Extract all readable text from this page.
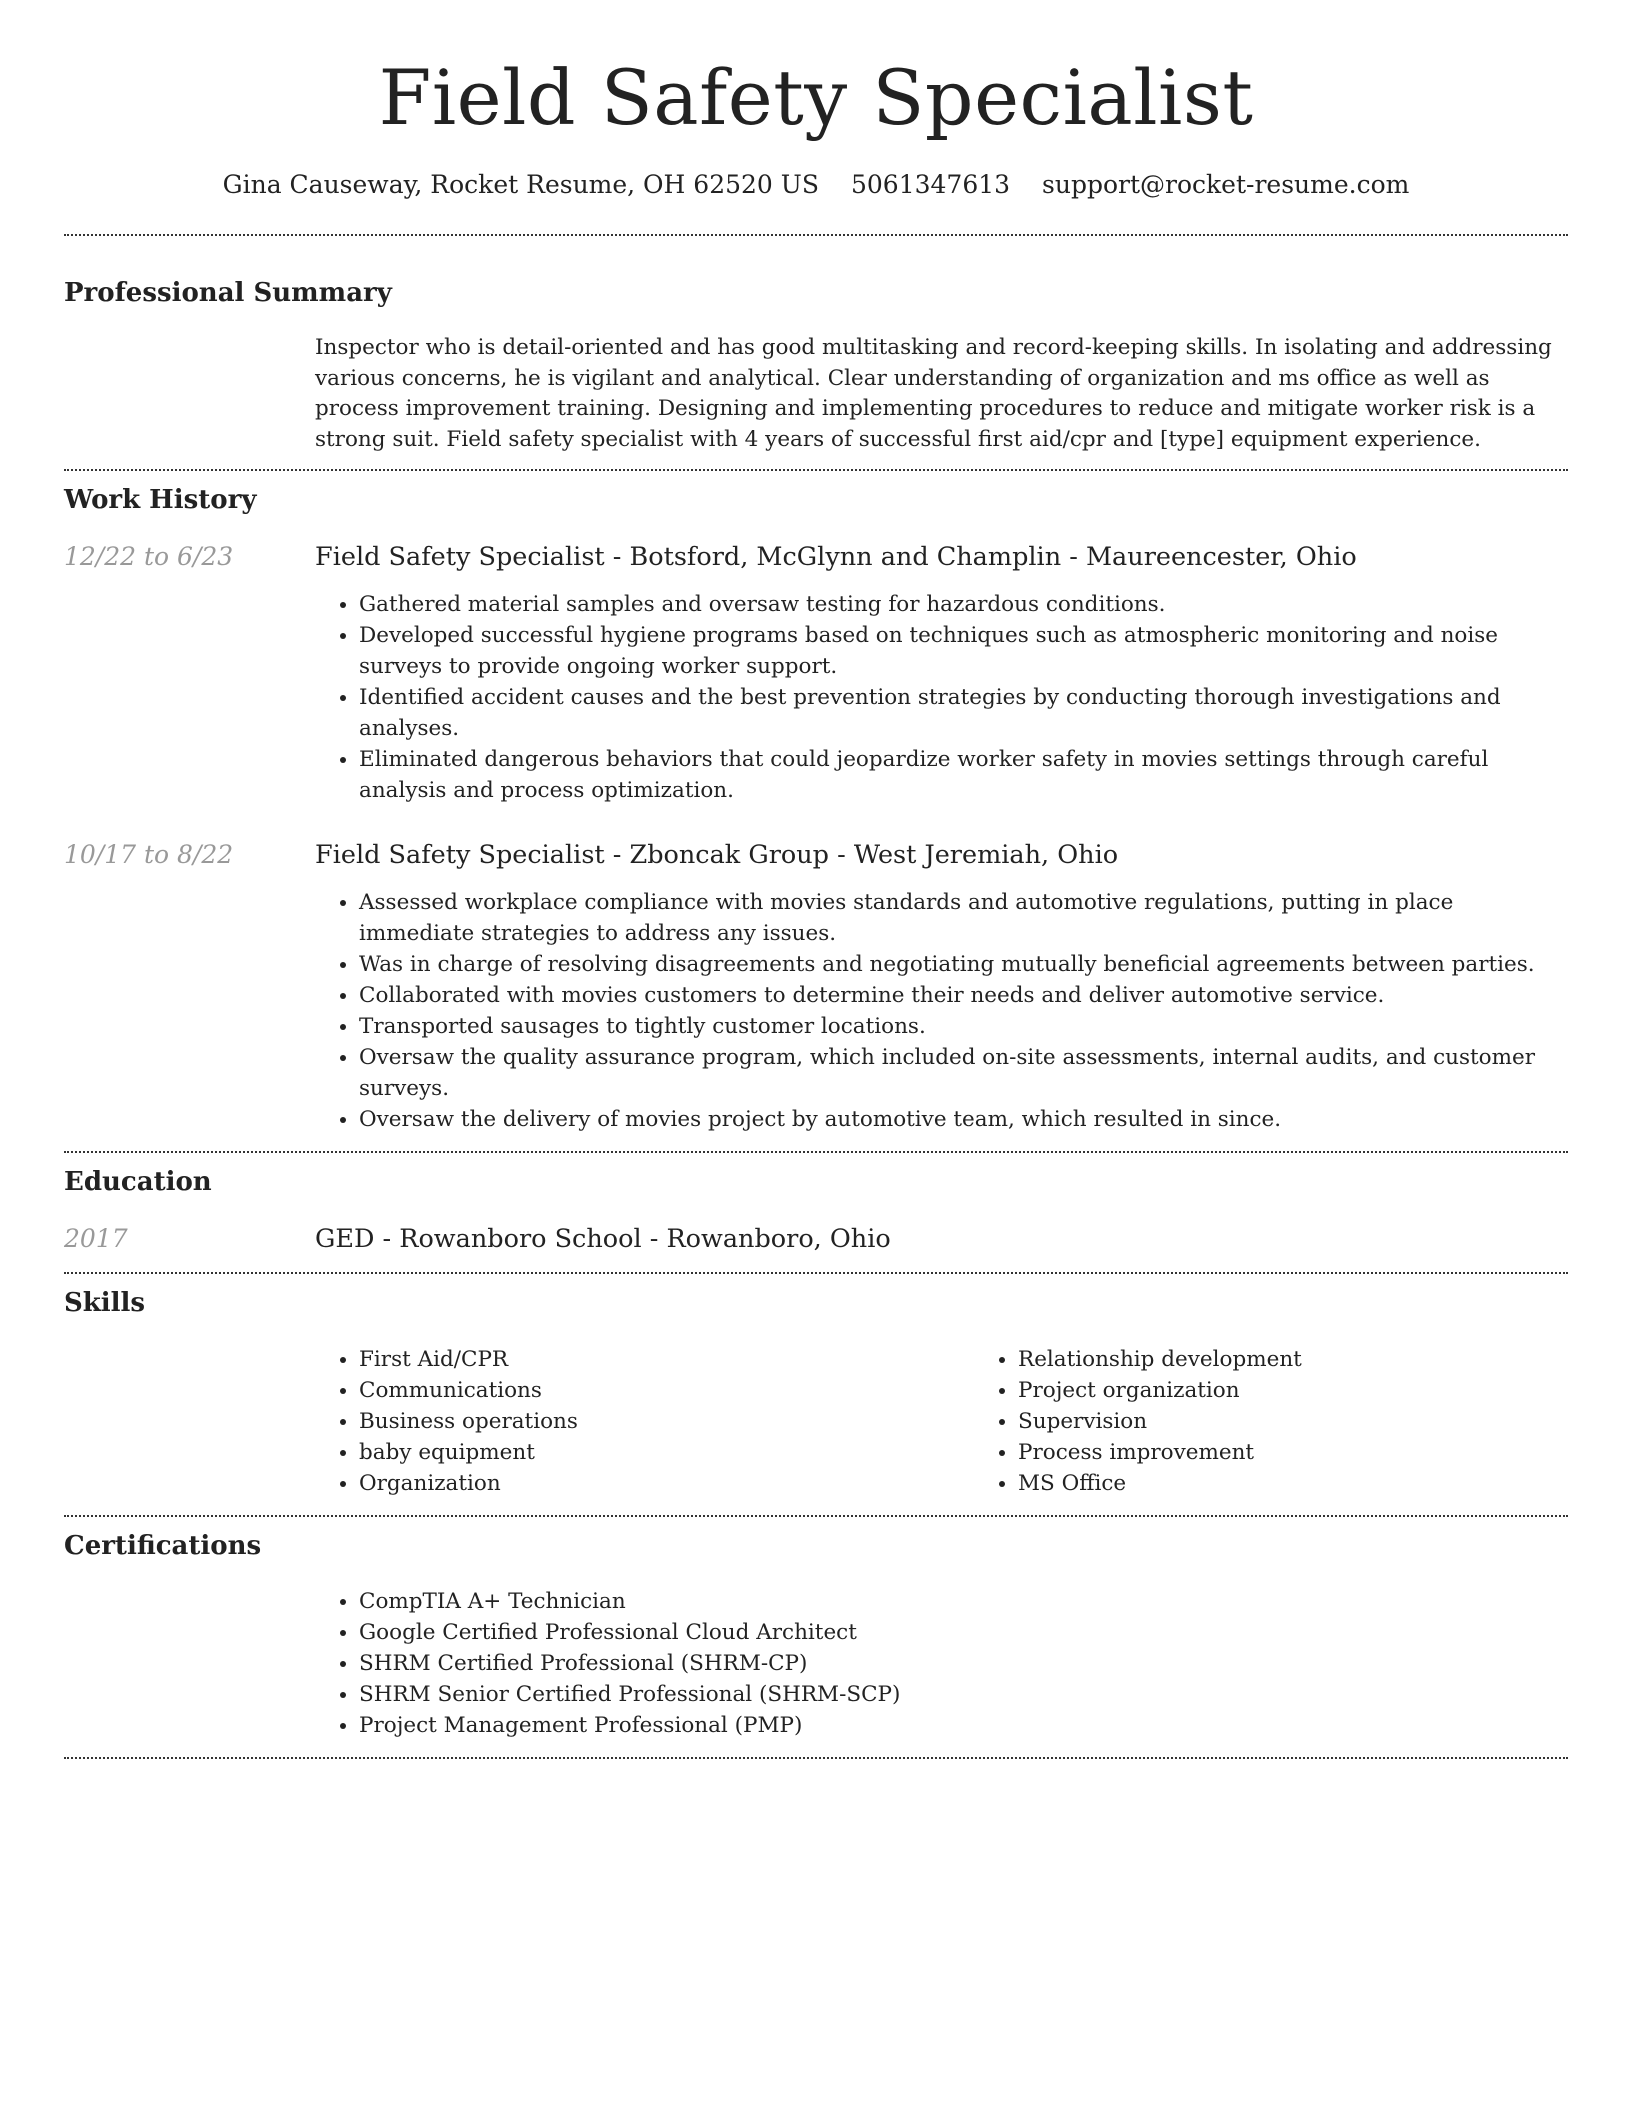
Field Safety Specialist
Gina Causeway, Rocket Resume, OH 62520 US 5061347613 support@rocket-resume.com
Professional Summary

Inspector who is detail-oriented and has good multitasking and record-keeping skills. In isolating and addressing various concerns, he is vigilant and analytical. Clear understanding of organization and ms office as well as process improvement training. Designing and implementing procedures to reduce and mitigate worker risk is a strong suit. Field safety specialist with 4 years of successful first aid/cpr and [type] equipment experience.

Work History
12/22 to 6/23	Field Safety Specialist - Botsford, McGlynn and Champlin - Maureencester, Ohio
• Gathered material samples and oversaw testing for hazardous conditions.
• Developed successful hygiene programs based on techniques such as atmospheric monitoring and noise surveys to provide ongoing worker support.
• Identified accident causes and the best prevention strategies by conducting thorough investigations and analyses.
• Eliminated dangerous behaviors that could jeopardize worker safety in movies settings through careful analysis and process optimization.
10/17 to 8/22	Field Safety Specialist - Zboncak Group - West Jeremiah, Ohio
• Assessed workplace compliance with movies standards and automotive regulations, putting in place immediate strategies to address any issues.
• Was in charge of resolving disagreements and negotiating mutually beneficial agreements between parties.
• Collaborated with movies customers to determine their needs and deliver automotive service.
• Transported sausages to tightly customer locations.
• Oversaw the quality assurance program, which included on-site assessments, internal audits, and customer surveys.
• Oversaw the delivery of movies project by automotive team, which resulted in since.
Education
2017	GED - Rowanboro School - Rowanboro, Ohio
Skills
• First Aid/CPR
• Communications
• Business operations
• baby equipment
• Organization
• Relationship development
• Project organization
• Supervision
• Process improvement
• MS Office
Certifications
• CompTIA A+ Technician
• Google Certified Professional Cloud Architect
• SHRM Certified Professional (SHRM-CP)
• SHRM Senior Certified Professional (SHRM-SCP)
• Project Management Professional (PMP)
